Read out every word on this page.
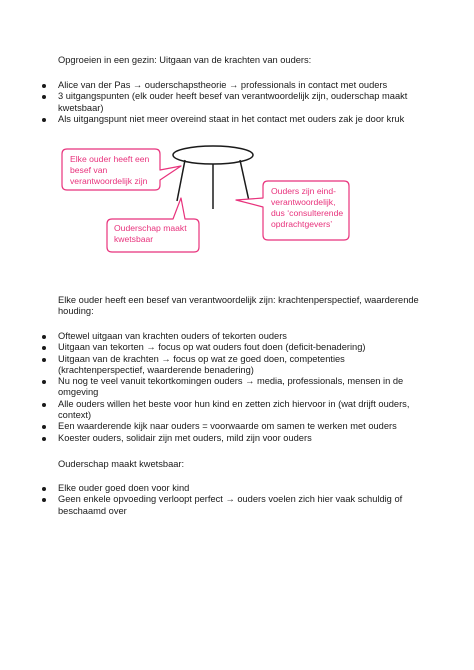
Opgroeien in een gezin: Uitgaan van de krachten van ouders:

Alice van der Pas → ouderschapstheorie → professionals in contact met ouders
3 uitgangspunten (elk ouder heeft besef van verantwoordelijk zijn, ouderschap maakt kwetsbaar)
Als uitgangspunt niet meer overeind staat in het contact met ouders zak je door kruk

Elke ouder heeft een besef van verantwoordelijk zijn

Ouderschap maakt kwetsbaar

Ouders zijn eind-verantwoordelijk, dus ‘consulterende opdrachtgevers’

Elke ouder heeft een besef van verantwoordelijk zijn: krachtenperspectief, waarderende houding:

Oftewel uitgaan van krachten ouders of tekorten ouders
Uitgaan van tekorten → focus op wat ouders fout doen (deficit-benadering)
Uitgaan van de krachten → focus op wat ze goed doen, competenties (krachtenperspectief, waarderende benadering)
Nu nog te veel vanuit tekortkomingen ouders → media, professionals, mensen in de omgeving
Alle ouders willen het beste voor hun kind en zetten zich hiervoor in (wat drijft ouders, context)
Een waarderende kijk naar ouders = voorwaarde om samen te werken met ouders
Koester ouders, solidair zijn met ouders, mild zijn voor ouders

Ouderschap maakt kwetsbaar:

Elke ouder goed doen voor kind
Geen enkele opvoeding verloopt perfect → ouders voelen zich hier vaak schuldig of beschaamd over
